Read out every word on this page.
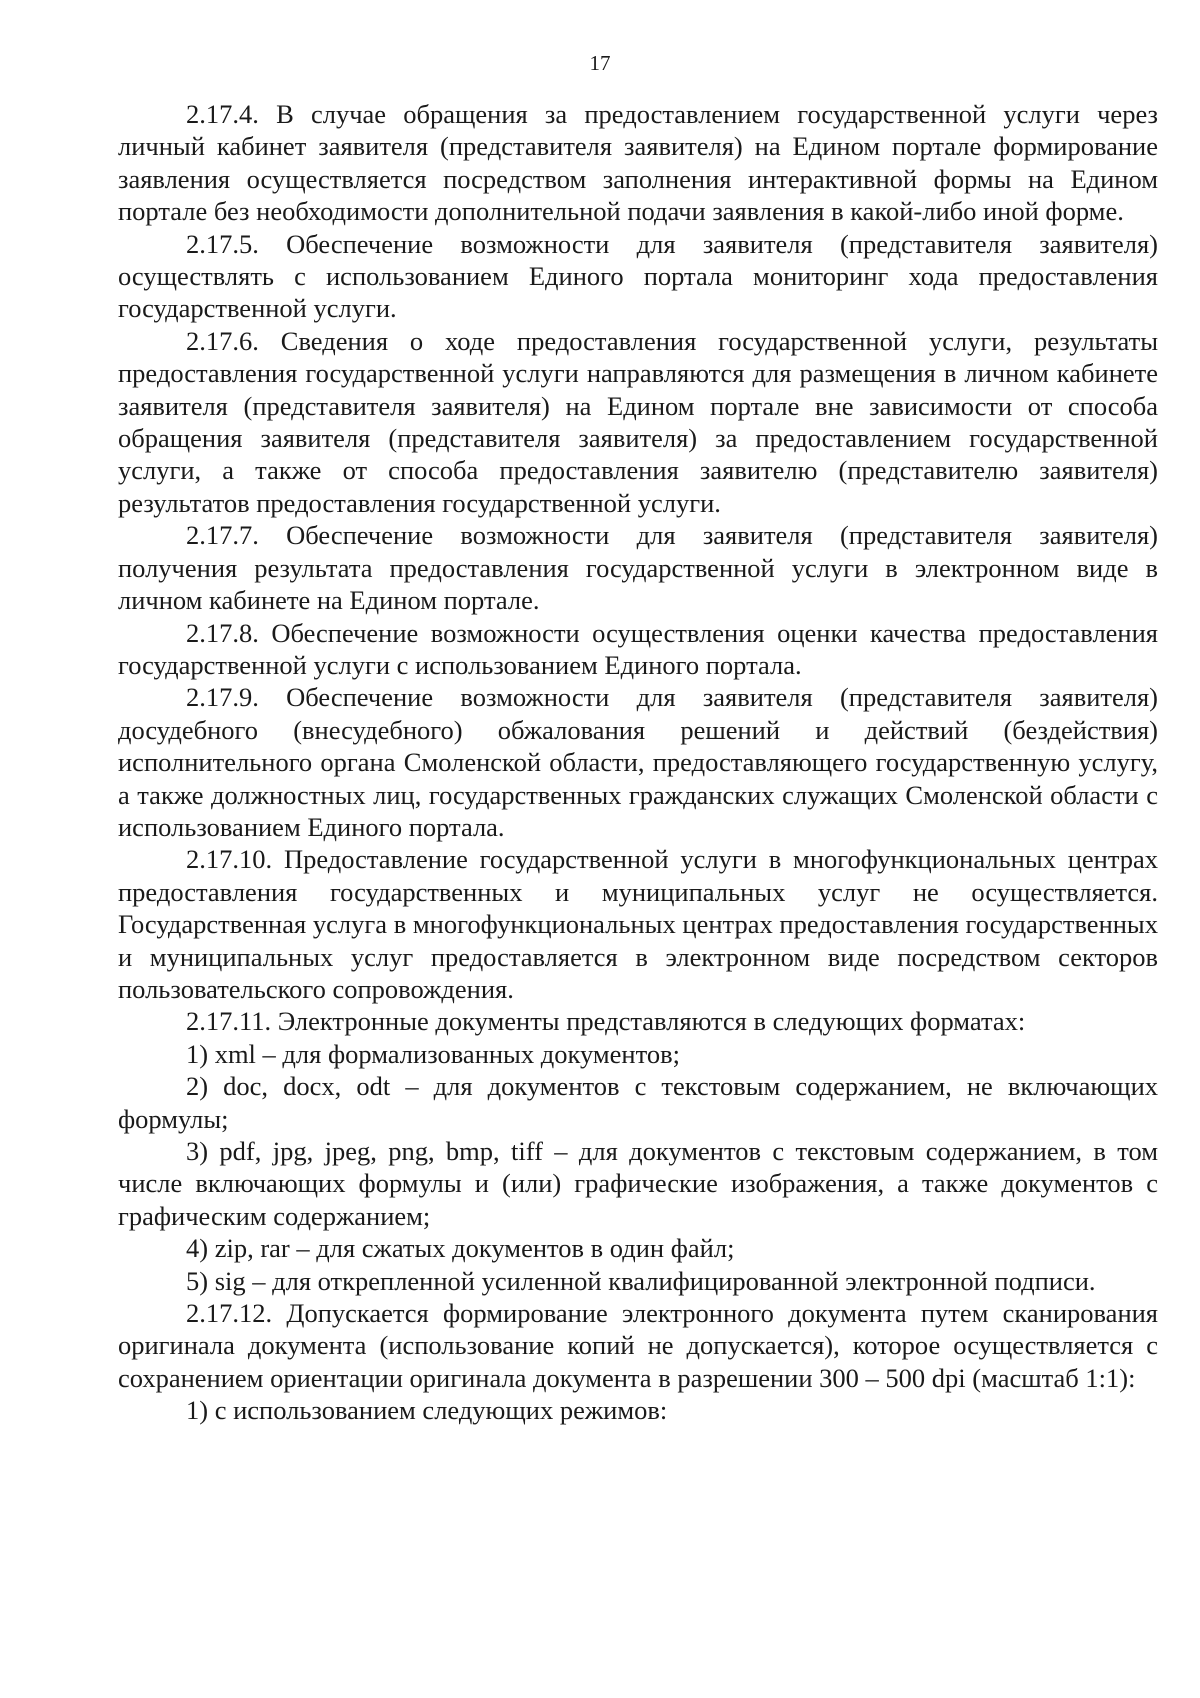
17

2.17.4. В случае обращения за предоставлением государственной услуги через личный кабинет заявителя (представителя заявителя) на Едином портале формирование заявления осуществляется посредством заполнения интерактивной формы на Едином портале без необходимости дополнительной подачи заявления в какой-либо иной форме.

2.17.5. Обеспечение возможности для заявителя (представителя заявителя) осуществлять с использованием Единого портала мониторинг хода предоставления государственной услуги.

2.17.6. Сведения о ходе предоставления государственной услуги, результаты предоставления государственной услуги направляются для размещения в личном кабинете заявителя (представителя заявителя) на Едином портале вне зависимости от способа обращения заявителя (представителя заявителя) за предоставлением государственной услуги, а также от способа предоставления заявителю (представителю заявителя) результатов предоставления государственной услуги.

2.17.7. Обеспечение возможности для заявителя (представителя заявителя) получения результата предоставления государственной услуги в электронном виде в личном кабинете на Едином портале.

2.17.8. Обеспечение возможности осуществления оценки качества предоставления государственной услуги с использованием Единого портала.

2.17.9. Обеспечение возможности для заявителя (представителя заявителя) досудебного (внесудебного) обжалования решений и действий (бездействия) исполнительного органа Смоленской области, предоставляющего государственную услугу, а также должностных лиц, государственных гражданских служащих Смоленской области с использованием Единого портала.

2.17.10. Предоставление государственной услуги в многофункциональных центрах предоставления государственных и муниципальных услуг не осуществляется. Государственная услуга в многофункциональных центрах предоставления государственных и муниципальных услуг предоставляется в электронном виде посредством секторов пользовательского сопровождения.

2.17.11. Электронные документы представляются в следующих форматах:

1) xml – для формализованных документов;

2) doc, docx, odt – для документов с текстовым содержанием, не включающих формулы;

3) pdf, jpg, jpeg, png, bmp, tiff – для документов с текстовым содержанием, в том числе включающих формулы и (или) графические изображения, а также документов с графическим содержанием;

4) zip, rar – для сжатых документов в один файл;

5) sig – для открепленной усиленной квалифицированной электронной подписи.

2.17.12. Допускается формирование электронного документа путем сканирования оригинала документа (использование копий не допускается), которое осуществляется с сохранением ориентации оригинала документа в разрешении 300 – 500 dpi (масштаб 1:1):

1) с использованием следующих режимов:
